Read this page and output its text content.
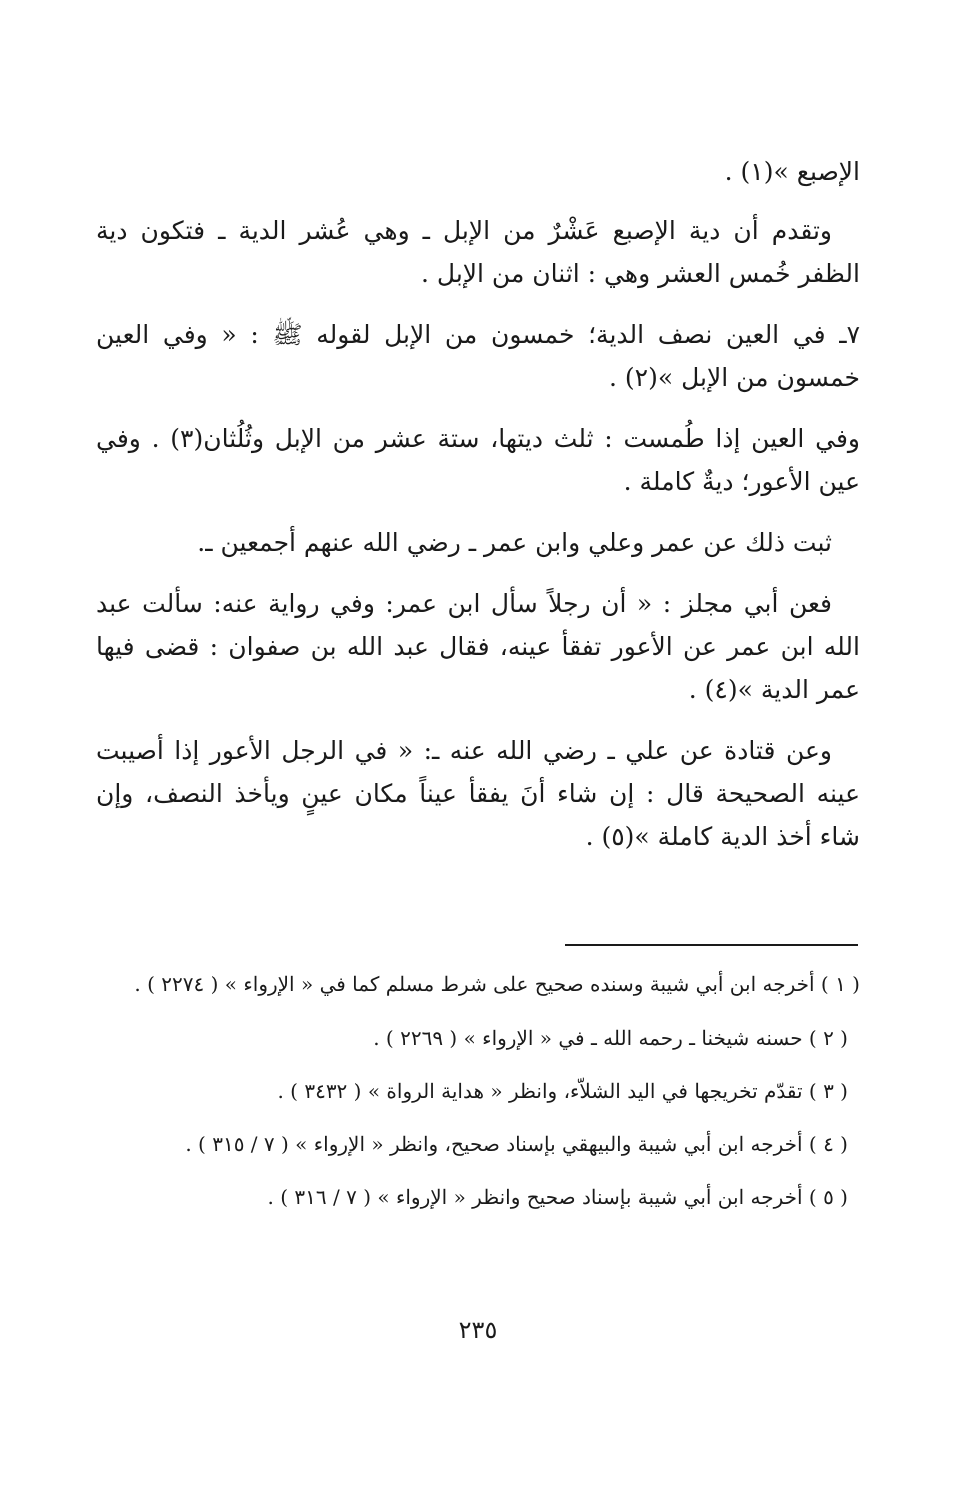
الإصبع »(١) .

وتقدم أن دية الإصبع عَشْرٌ من الإبل ـ وهي عُشر الدية ـ فتكون دية الظفر خُمس العشر وهي : اثنان من الإبل .

٧ـ في العين نصف الدية؛ خمسون من الإبل لقوله ﷺ : « وفي العين خمسون من الإبل »(٢) .

وفي العين إذا طُمست : ثلث ديتها، ستة عشر من الإبل وثُلُثان(٣) . وفي عين الأعور؛ ديةٌ كاملة .

ثبت ذلك عن عمر وعلي وابن عمر ـ رضي الله عنهم أجمعين ـ.

فعن أبي مجلز : « أن رجلاً سأل ابن عمر: وفي رواية عنه: سألت عبد الله ابن عمر عن الأعور تفقأ عينه، فقال عبد الله بن صفوان : قضى فيها عمر الدية »(٤) .

وعن قتادة عن علي ـ رضي الله عنه ـ: « في الرجل الأعور إذا أصيبت عينه الصحيحة قال : إن شاء أنَ يفقأ عيناً مكان عينٍ ويأخذ النصف، وإن شاء أخذ الدية كاملة »(٥) .

( ١ ) أخرجه ابن أبي شيبة وسنده صحيح على شرط مسلم كما في « الإرواء » ( ٢٢٧٤ ) .

( ٢ ) حسنه شيخنا ـ رحمه الله ـ في « الإرواء » ( ٢٢٦٩ ) .

( ٣ ) تقدّم تخريجها في اليد الشلاّء، وانظر « هداية الرواة » ( ٣٤٣٢ ) .

( ٤ ) أخرجه ابن أبي شيبة والبيهقي بإسناد صحيح، وانظر « الإرواء » ( ٧ / ٣١٥ ) .

( ٥ ) أخرجه ابن أبي شيبة بإسناد صحيح وانظر « الإرواء » ( ٧ / ٣١٦ ) .

٢٣٥
